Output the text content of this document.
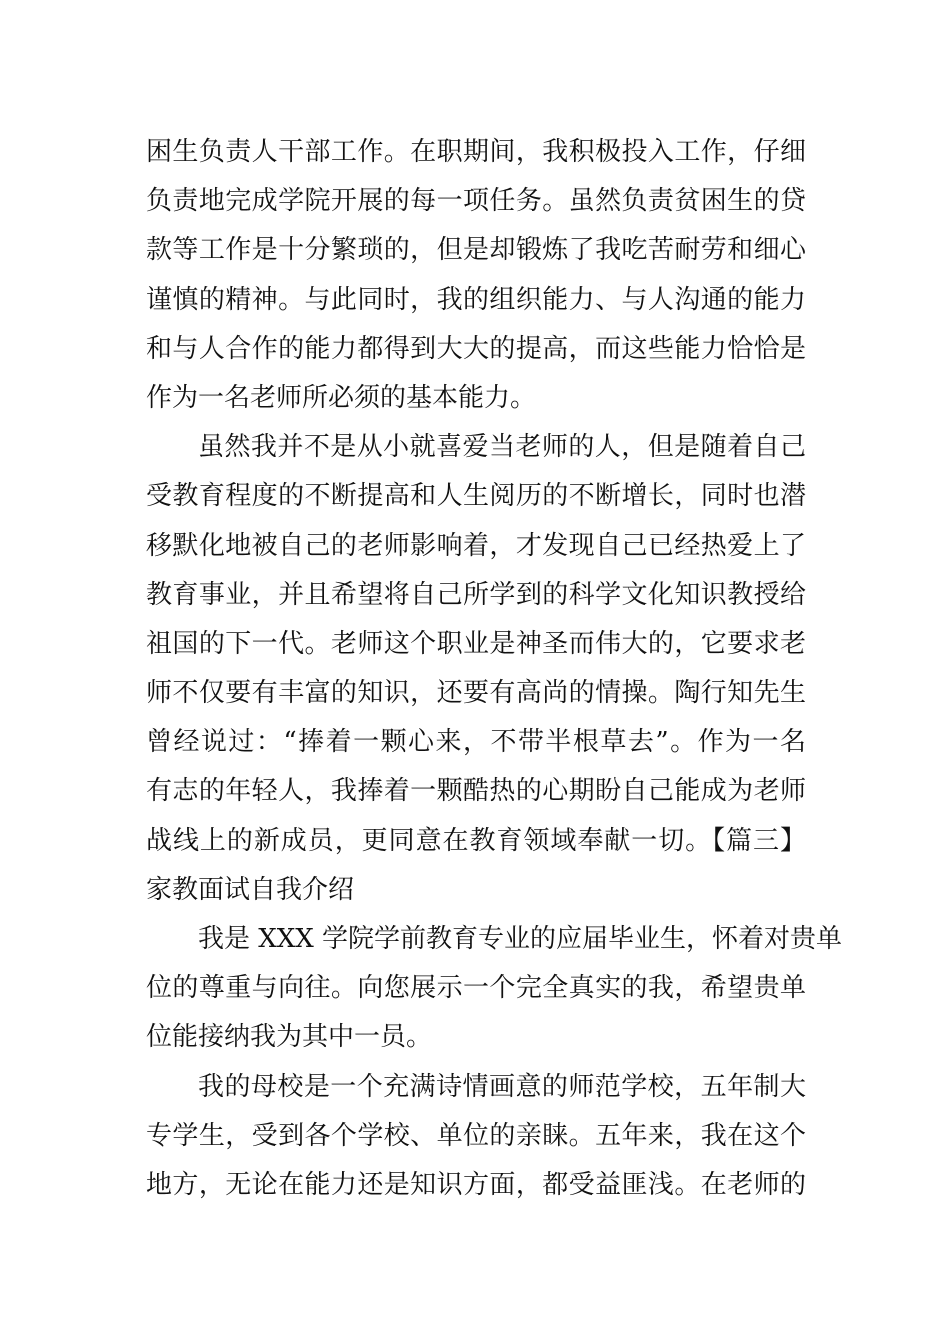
困生负责人干部工作。在职期间，我积极投入工作，仔细
负责地完成学院开展的每一项任务。虽然负责贫困生的贷
款等工作是十分繁琐的，但是却锻炼了我吃苦耐劳和细心
谨慎的精神。与此同时，我的组织能力、与人沟通的能力
和与人合作的能力都得到大大的提高，而这些能力恰恰是
作为一名老师所必须的基本能力。
虽然我并不是从小就喜爱当老师的人，但是随着自己
受教育程度的不断提高和人生阅历的不断增长，同时也潜
移默化地被自己的老师影响着，才发现自己已经热爱上了
教育事业，并且希望将自己所学到的科学文化知识教授给
祖国的下一代。老师这个职业是神圣而伟大的，它要求老
师不仅要有丰富的知识，还要有高尚的情操。陶行知先生
曾经说过：“捧着一颗心来，不带半根草去”。作为一名
有志的年轻人，我捧着一颗酷热的心期盼自己能成为老师
战线上的新成员，更同意在教育领域奉献一切。【篇三】
家教面试自我介绍
我是 XXX 学院学前教育专业的应届毕业生，怀着对贵单
位的尊重与向往。向您展示一个完全真实的我，希望贵单
位能接纳我为其中一员。
我的母校是一个充满诗情画意的师范学校，五年制大
专学生，受到各个学校、单位的亲睐。五年来，我在这个
地方，无论在能力还是知识方面，都受益匪浅。在老师的
